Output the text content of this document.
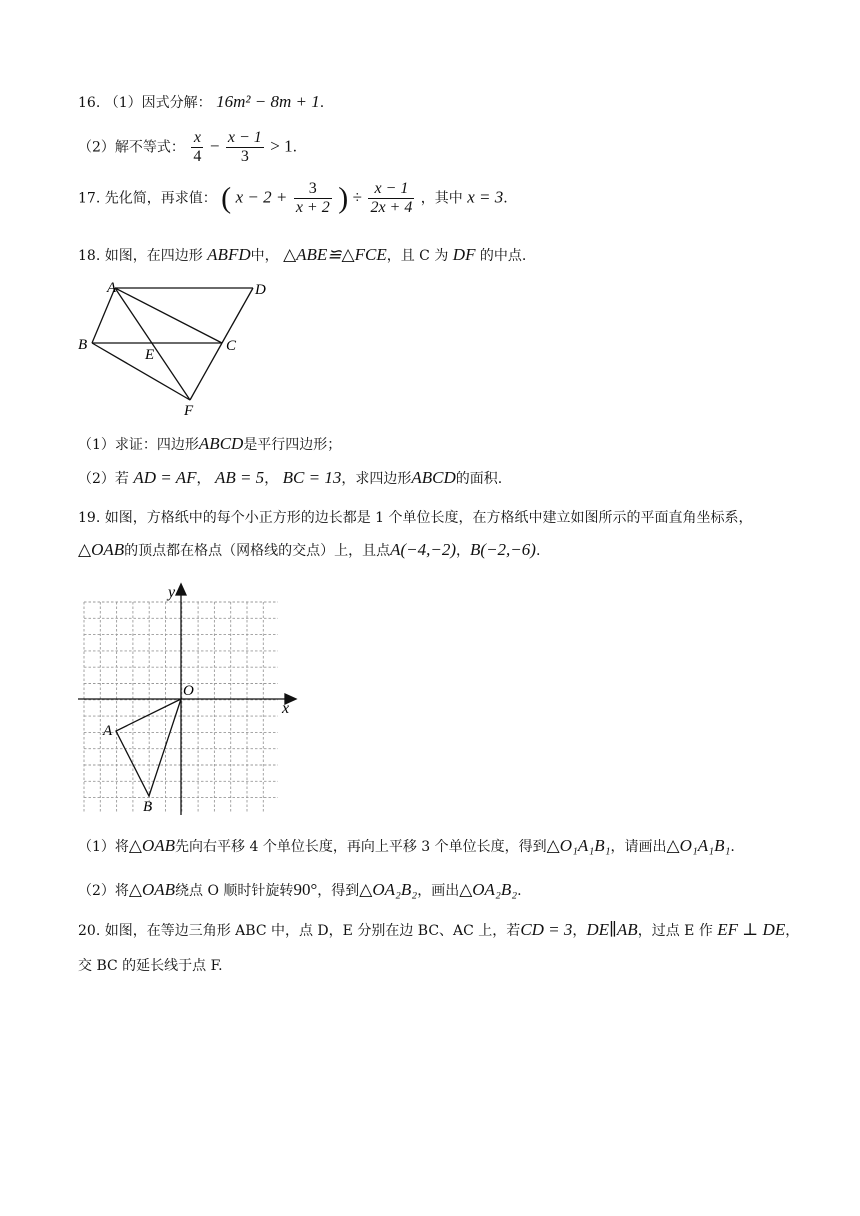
16. （1）因式分解： 16m² − 8m + 1.
（2）解不等式： $\frac{x}{4} - \frac{x - 1}{3} > 1$.
17. 先化简，再求值： ( $x - 2 + \frac{3}{x + 2}$ ) ÷ $\frac{x - 1}{2x + 4}$ ，其中 x = 3.
18. 如图，在四边形 ABFD中， △ABE≌△FCE，且 C 为 DF 的中点.
A	D
B	C
E
F
（1）求证：四边形ABCD是平行四边形；
（2）若 AD = AF， AB = 5， BC = 13，求四边形ABCD的面积.
19. 如图，方格纸中的每个小正方形的边长都是 1 个单位长度，在方格纸中建立如图所示的平面直角坐标系，
△OAB的顶点都在格点（网格线的交点）上，且点A(−4,−2)，B(−2,−6).
x
y
O
A
B
（1）将△OAB先向右平移 4 个单位长度，再向上平移 3 个单位长度，得到△O₁A₁B₁，请画出△O₁A₁B₁.
（2）将△OAB绕点 O 顺时针旋转90°，得到△OA₂B₂，画出△OA₂B₂.
20. 如图，在等边三角形 ABC 中，点 D，E 分别在边 BC、AC 上，若CD = 3，DE∥AB，过点 E 作 EF ⊥ DE，
交 BC 的延长线于点 F.
